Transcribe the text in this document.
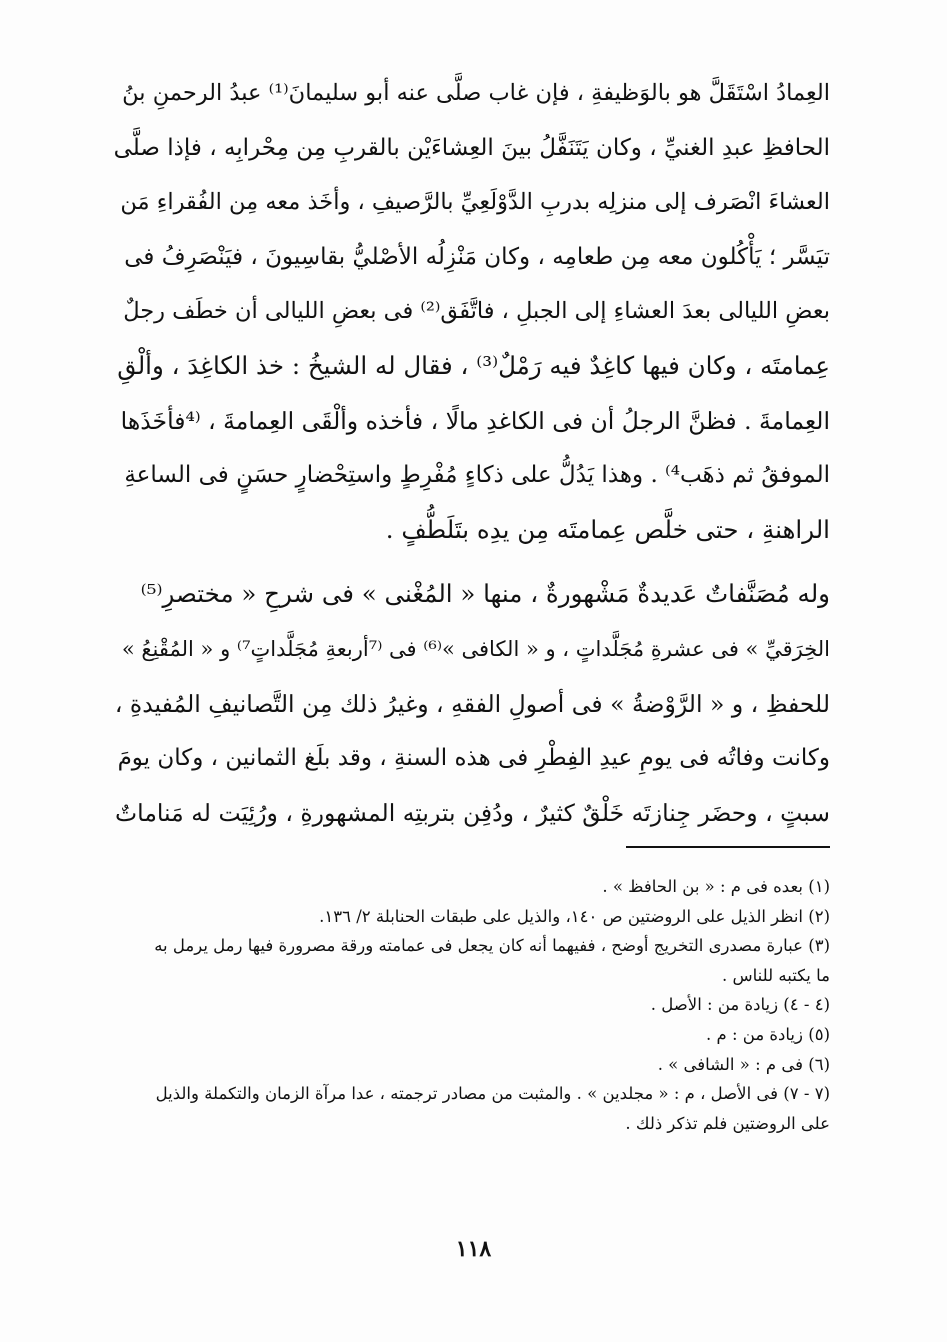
العِمادُ اسْتَقَلَّ هو بالوَظيفةِ ، فإن غاب صلَّى عنه أبو سليمانَ⁽¹⁾ عبدُ الرحمنِ بنُ
الحافظِ عبدِ الغنيِّ ، وكان يَتَنَفَّلُ بينَ العِشاءَيْن بالقربِ مِن مِحْرابِه ، فإذا صلَّى
العشاءَ انْصَرف إلى منزلِه بدربِ الدَّوْلَعِيِّ بالرَّصيفِ ، وأخَذ معه مِن الفُقراءِ مَن
تيَسَّر ؛ يَأْكُلون معه مِن طعامِه ، وكان مَنْزِلُه الأصْليُّ بقاسِيونَ ، فيَنْصَرِفُ فى
بعضِ الليالى بعدَ العشاءِ إلى الجبلِ ، فاتَّفَق⁽²⁾ فى بعضِ الليالى أن خطَف رجلٌ
عِمامتَه ، وكان فيها كاغِدٌ فيه رَمْلٌ⁽³⁾ ، فقال له الشيخُ : خذ الكاغِدَ ، وألْقِ
العِمامةَ . فظنَّ الرجلُ أن فى الكاغدِ مالًا ، فأخذه وألْقَى العِمامةَ ، ⁽⁴فأخَذَها
الموفقُ ثم ذهَب⁴⁾ . وهذا يَدُلُّ على ذكاءٍ مُفْرِطٍ واستِحْضارٍ حسَنٍ فى الساعةِ
الراهنةِ ، حتى خلَّص عِمامتَه مِن يدِه بتَلَطُّفٍ .
وله مُصَنَّفاتٌ عَديدةٌ مَشْهورةٌ ، منها « المُغْنى » فى شرحِ « مختصرِ⁽⁵⁾
الخِرَقيِّ » فى عشرةِ مُجَلَّداتٍ ، و « الكافى »⁽⁶⁾ فى ⁽⁷أربعةِ مُجَلَّداتٍ⁷⁾ و « المُقْنِعُ »
للحفظِ ، و « الرَّوْضةُ » فى أصولِ الفقهِ ، وغيرُ ذلك مِن التَّصانيفِ المُفيدةِ ،
وكانت وفاتُه فى يومِ عيدِ الفِطْرِ فى هذه السنةِ ، وقد بلَغ الثمانين ، وكان يومَ
سبتٍ ، وحضَر جِنازتَه خَلْقٌ كثيرٌ ، ودُفِن بتربتِه المشهورةِ ، ورُئِيَت له مَناماتٌ
(١) بعده فى م : « بن الحافظ » .
(٢) انظر الذيل على الروضتين ص ١٤٠، والذيل على طبقات الحنابلة ٢/ ١٣٦.
(٣) عبارة مصدرى التخريج أوضح ، ففيهما أنه كان يجعل فى عمامته ورقة مصرورة فيها رمل يرمل به
ما يكتبه للناس .
(٤ - ٤) زيادة من : الأصل .
(٥) زيادة من : م .
(٦) فى م : « الشافى » .
(٧ - ٧) فى الأصل ، م : « مجلدين » . والمثبت من مصادر ترجمته ، عدا مرآة الزمان والتكملة والذيل
على الروضتين فلم تذكر ذلك .
١١٨
